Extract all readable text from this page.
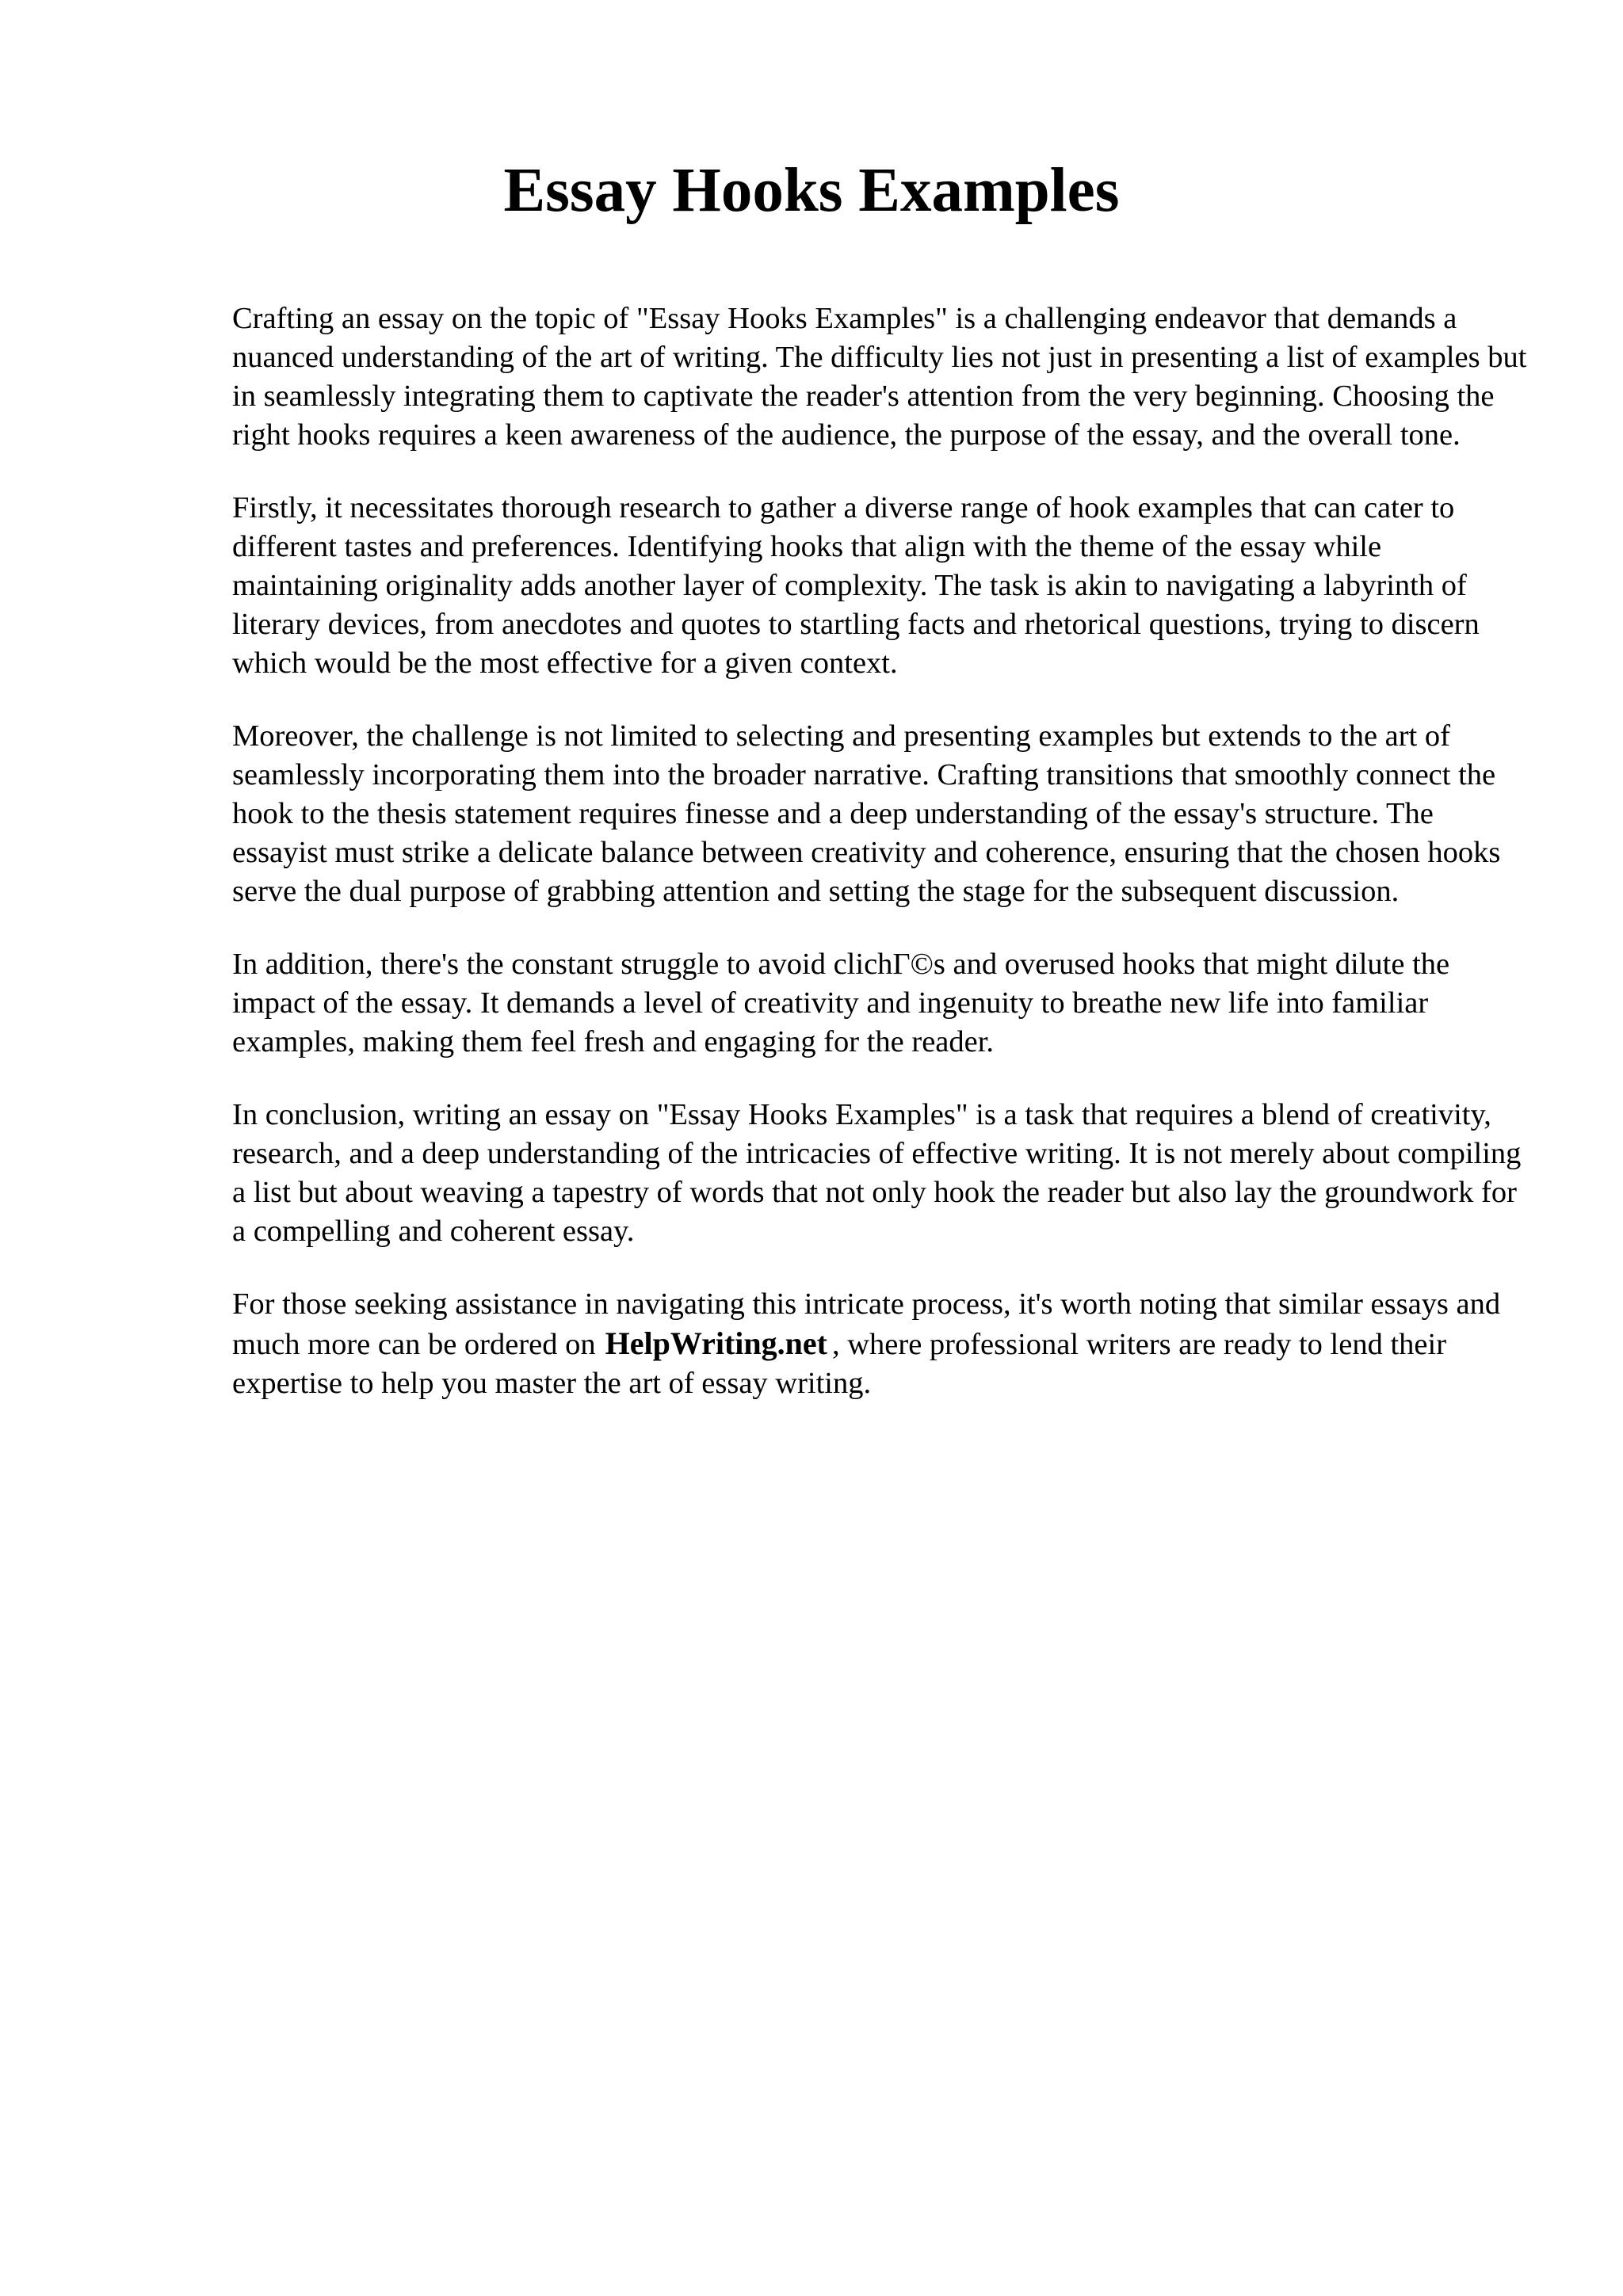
Essay Hooks Examples

Crafting an essay on the topic of "Essay Hooks Examples" is a challenging endeavor that demands a nuanced understanding of the art of writing. The difficulty lies not just in presenting a list of examples but in seamlessly integrating them to captivate the reader's attention from the very beginning. Choosing the right hooks requires a keen awareness of the audience, the purpose of the essay, and the overall tone.

Firstly, it necessitates thorough research to gather a diverse range of hook examples that can cater to different tastes and preferences. Identifying hooks that align with the theme of the essay while maintaining originality adds another layer of complexity. The task is akin to navigating a labyrinth of literary devices, from anecdotes and quotes to startling facts and rhetorical questions, trying to discern which would be the most effective for a given context.

Moreover, the challenge is not limited to selecting and presenting examples but extends to the art of seamlessly incorporating them into the broader narrative. Crafting transitions that smoothly connect the hook to the thesis statement requires finesse and a deep understanding of the essay's structure. The essayist must strike a delicate balance between creativity and coherence, ensuring that the chosen hooks serve the dual purpose of grabbing attention and setting the stage for the subsequent discussion.

In addition, there's the constant struggle to avoid clichΓ©s and overused hooks that might dilute the impact of the essay. It demands a level of creativity and ingenuity to breathe new life into familiar examples, making them feel fresh and engaging for the reader.

In conclusion, writing an essay on "Essay Hooks Examples" is a task that requires a blend of creativity, research, and a deep understanding of the intricacies of effective writing. It is not merely about compiling a list but about weaving a tapestry of words that not only hook the reader but also lay the groundwork for a compelling and coherent essay.

For those seeking assistance in navigating this intricate process, it's worth noting that similar essays and much more can be ordered on HelpWriting.net , where professional writers are ready to lend their expertise to help you master the art of essay writing.
